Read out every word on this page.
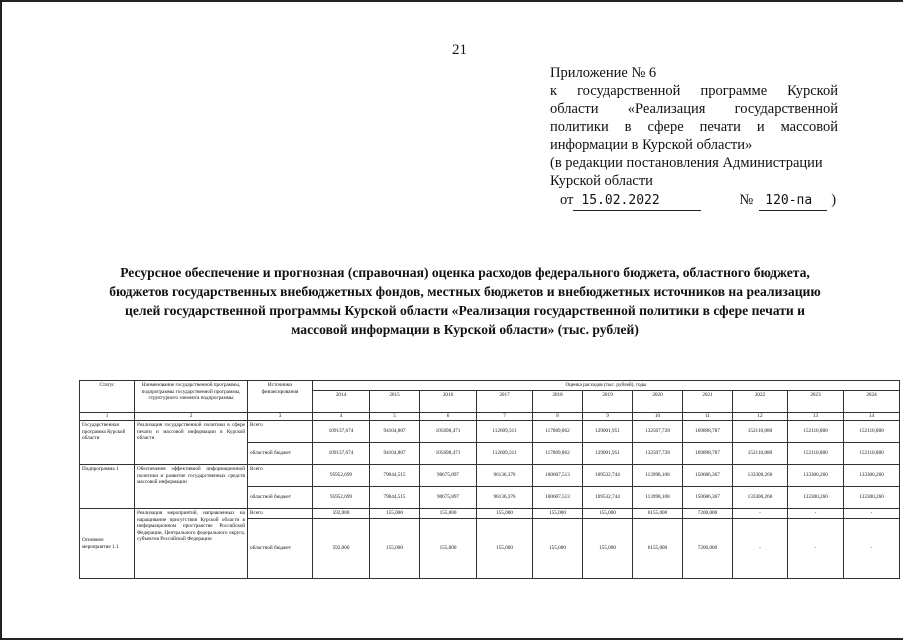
21
Приложение № 6
к государственной программе Курской
области «Реализация государственной
политики в сфере печати и массовой
информации в Курской области»
(в редакции постановления Администрации
Курской области
от 15.02.2022	№ 120-па	)
Ресурсное обеспечение и прогнозная (справочная) оценка расходов федерального бюджета, областного бюджета, бюджетов государственных внебюджетных фондов, местных бюджетов и внебюджетных источников на реализацию целей государственной программы Курской области «Реализация государственной политики в сфере печати и массовой информации в Курской области» (тыс. рублей)
Статус	Наименование государственной программы, подпрограммы государственной программы, структурного элемента подпрограммы	Источники финансирования	Оценка расходов (тыс. рублей), годы										
			2014	2015	2016	2017	2018	2019	2020	2021	2022	2023	2024
1	2	3	4	5	6	7	8	9	10	11	12	13	14
Государственная программа Курской области	Реализация государственной политики в сфере печати и массовой информации в Курской области	Всего	109137,674	94104,807	105698,471	112609,311	117809,862	129001,951	132507,728	169898,787	152110,880	152110,880	152110,880
		областной бюджет	109137,674	94104,807	105698,471	112609,311	117809,862	129001,951	132507,728	169898,787	152110,880	152110,880	152110,880
Подпрограмма 1	Обеспечение эффективной информационной политики и развитие государственных средств массовой информации	Всего	95952,699	79044,515	90675,897	96136,376	100607,513	109532,744	113998,108	150686,367	133300,260	133300,260	133300,260
		областной бюджет	95952,699	79044,515	90675,897	96136,376	100607,513	109532,744	113998,108	150686,367	133300,260	133300,260	133300,260
Основное мероприятие 1.1	Реализация мероприятий, направленных на наращивание присутствия Курской области в информационном пространстве Российской Федерации, Центрального федерального округа, субъектов Российской Федерации	Всего	592,000	155,000	155,000	155,000	155,000	155,000	6155,000	7200,000	-	-	-
		областной бюджет	592,000	155,000	155,000	155,000	155,000	155,000	6155,000	7200,000	-	-	-
